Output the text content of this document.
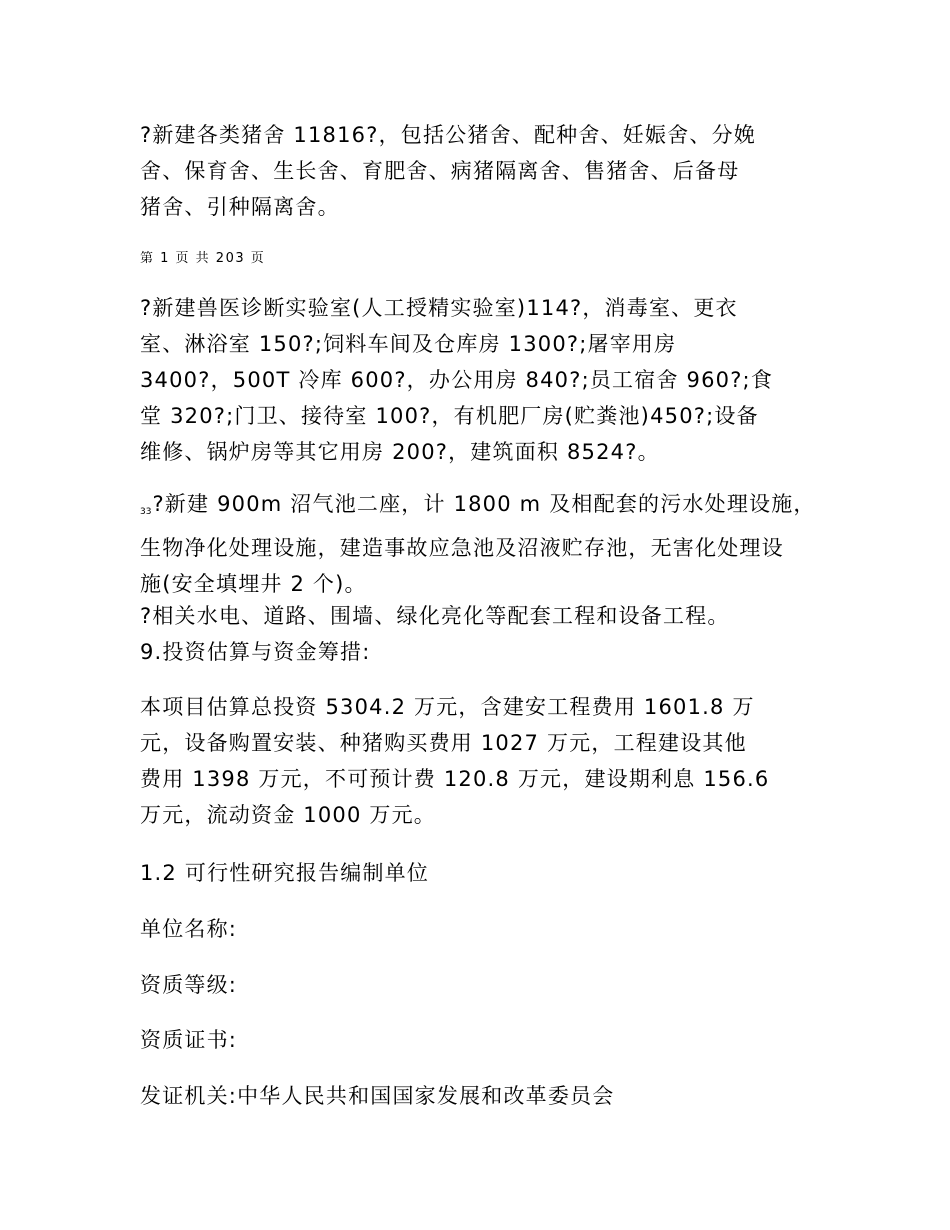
?新建各类猪舍 11816?，包括公猪舍、配种舍、妊娠舍、分娩
舍、保育舍、生长舍、育肥舍、病猪隔离舍、售猪舍、后备母
猪舍、引种隔离舍。
第 1 页 共 203 页
?新建兽医诊断实验室(人工授精实验室)114?，消毒室、更衣
室、淋浴室 150?;饲料车间及仓库房 1300?;屠宰用房
3400?，500T 冷库 600?，办公用房 840?;员工宿舍 960?;食
堂 320?;门卫、接待室 100?，有机肥厂房(贮粪池)450?;设备
维修、锅炉房等其它用房 200?，建筑面积 8524?。
$_{33}$?新建 900m 沼气池二座，计 1800 m 及相配套的污水处理设施，
生物净化处理设施，建造事故应急池及沼液贮存池，无害化处理设
施(安全填埋井 2 个)。
?相关水电、道路、围墙、绿化亮化等配套工程和设备工程。
9.投资估算与资金筹措:
本项目估算总投资 5304.2 万元，含建安工程费用 1601.8 万
元，设备购置安装、种猪购买费用 1027 万元，工程建设其他
费用 1398 万元，不可预计费 120.8 万元，建设期利息 156.6
万元，流动资金 1000 万元。
1.2 可行性研究报告编制单位
单位名称:
资质等级:
资质证书:
发证机关:中华人民共和国国家发展和改革委员会
